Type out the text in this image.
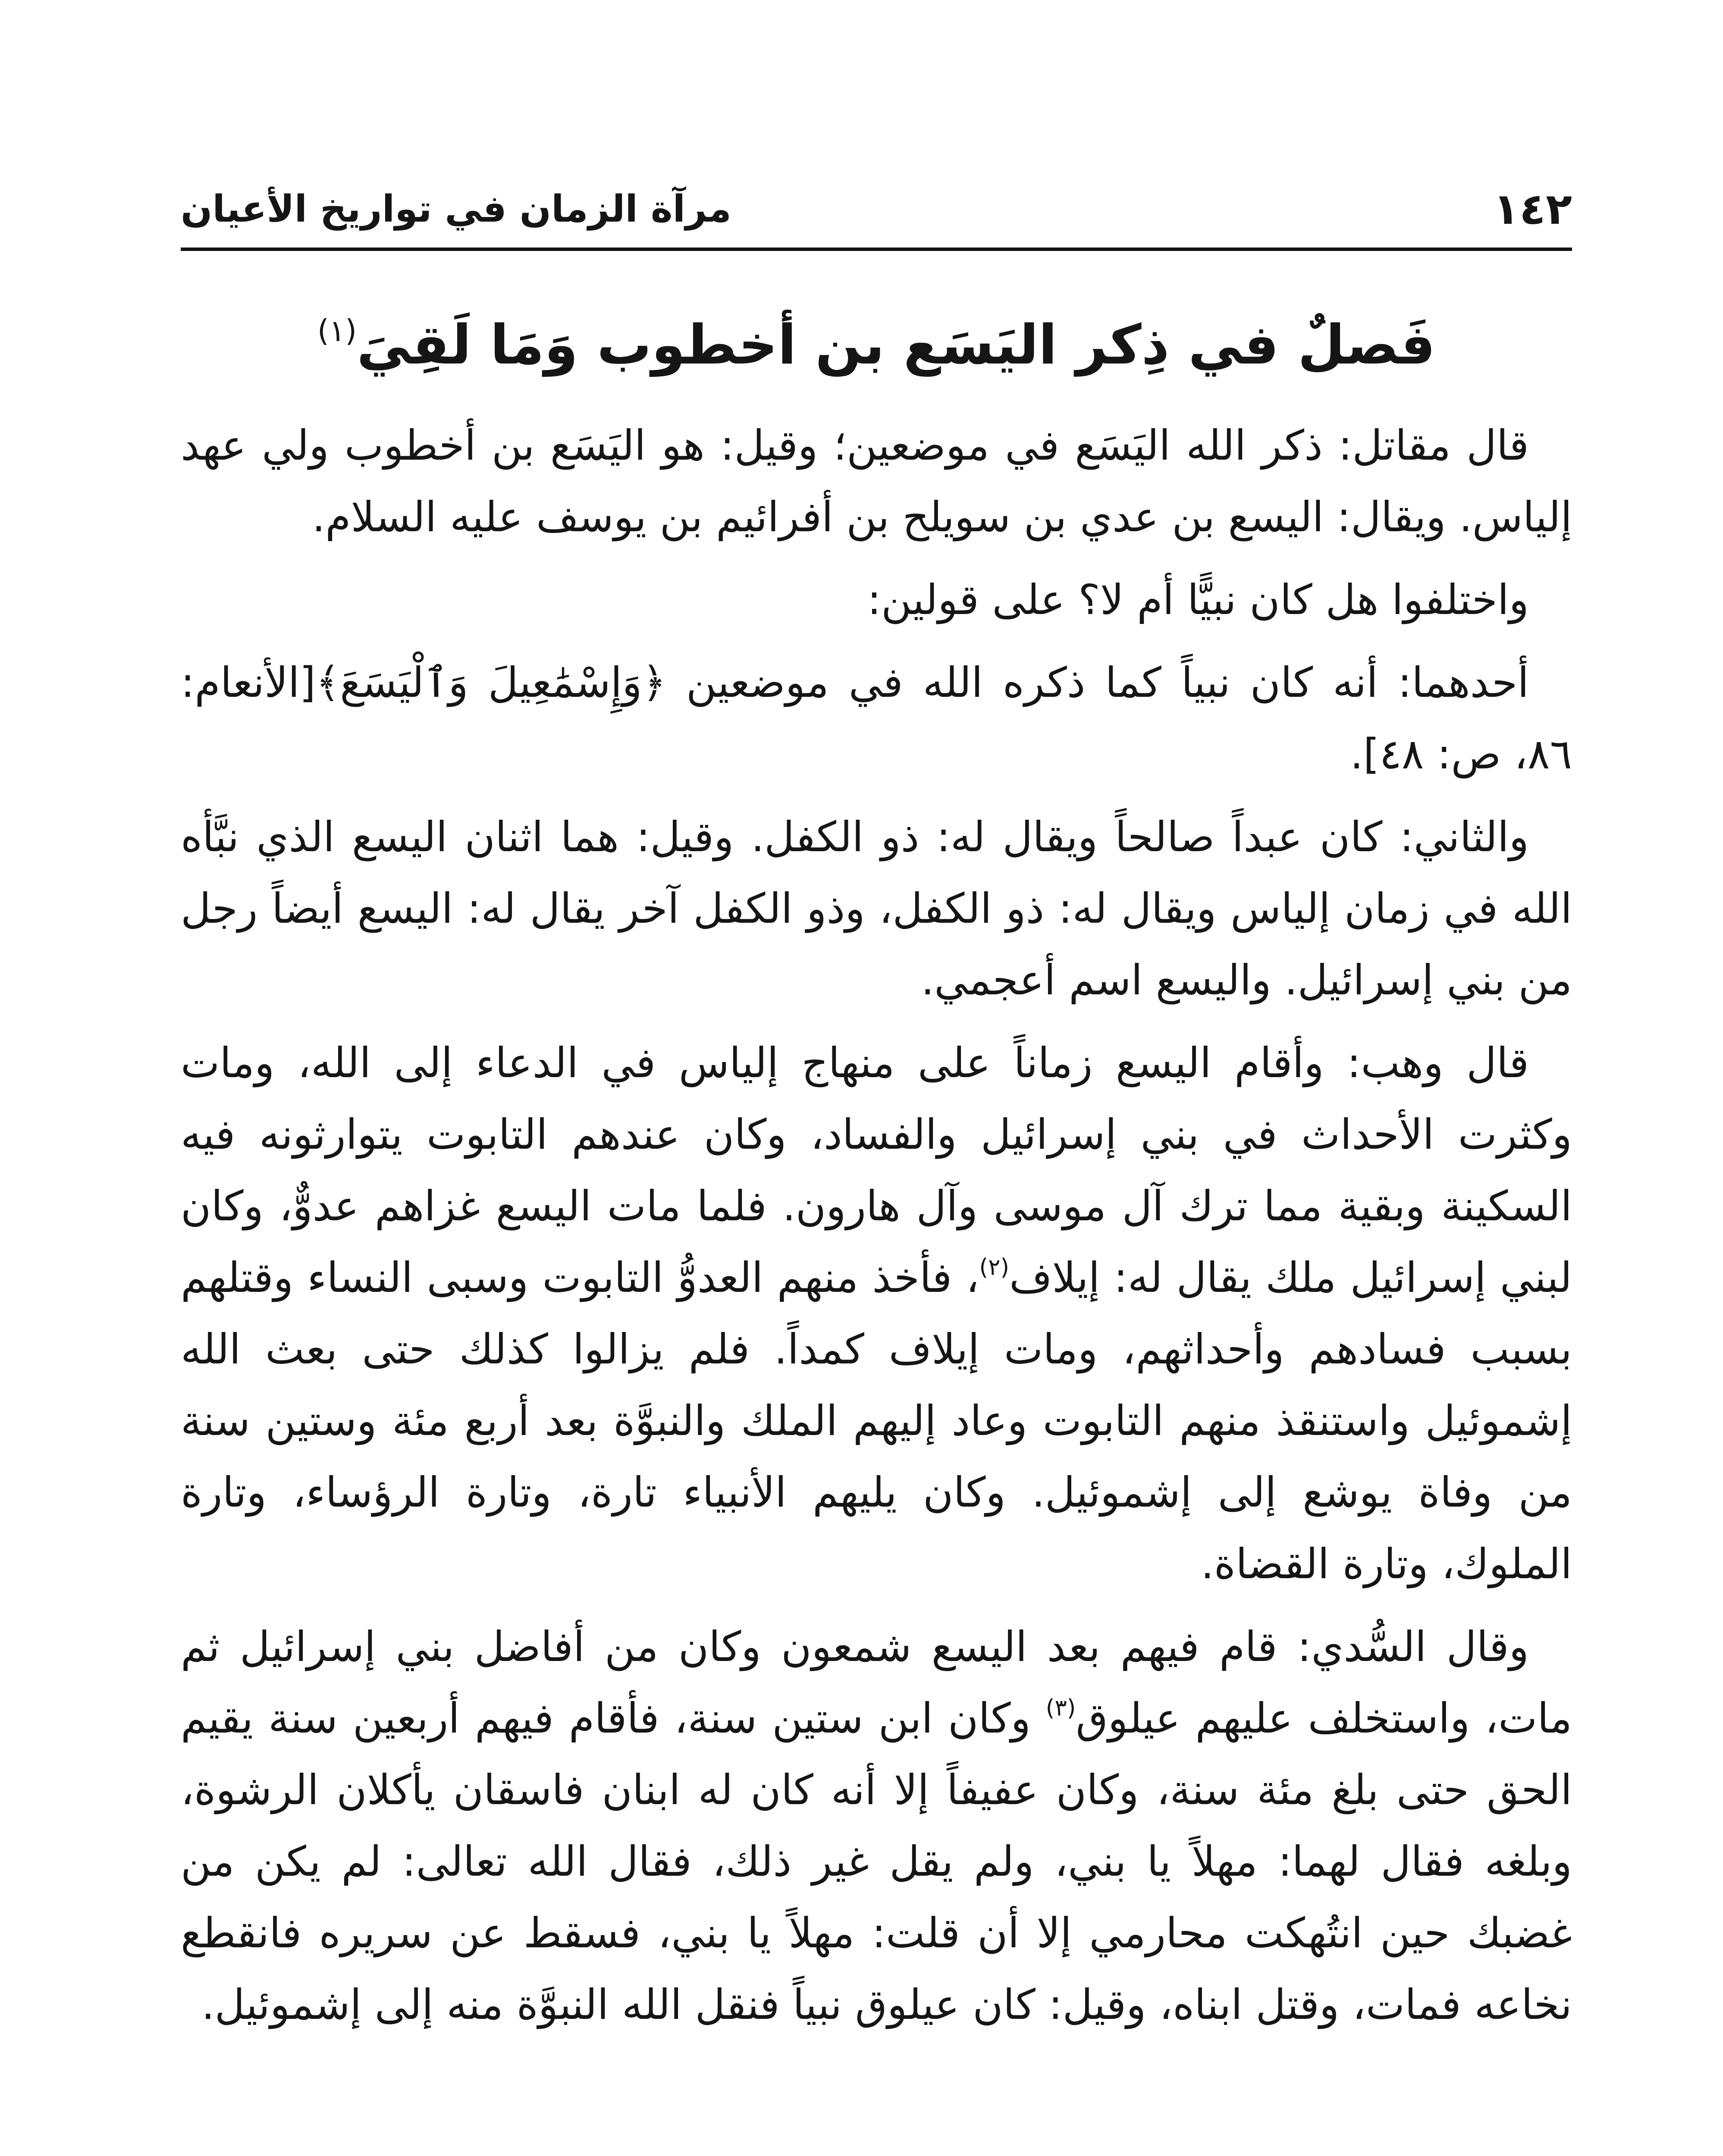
١٤٢
مرآة الزمان في تواريخ الأعيان
فَصلٌ في ذِكر اليَسَع بن أخطوب وَمَا لَقِيَ$^{(١)}$

قال مقاتل: ذكر الله اليَسَع في موضعين؛ وقيل: هو اليَسَع بن أخطوب ولي عهد إلياس. ويقال: اليسع بن عدي بن سويلح بن أفرائيم بن يوسف عليه السلام.

واختلفوا هل كان نبيًّا أم لا؟ على قولين:

أحدهما: أنه كان نبياً كما ذكره الله في موضعين ﴿وَإِسْمَٰعِيلَ وَٱلْيَسَعَ﴾[الأنعام: ٨٦، ص: ٤٨].

والثاني: كان عبداً صالحاً ويقال له: ذو الكفل. وقيل: هما اثنان اليسع الذي نبَّأه الله في زمان إلياس ويقال له: ذو الكفل، وذو الكفل آخر يقال له: اليسع أيضاً رجل من بني إسرائيل. واليسع اسم أعجمي.

قال وهب: وأقام اليسع زماناً على منهاج إلياس في الدعاء إلى الله، ومات وكثرت الأحداث في بني إسرائيل والفساد، وكان عندهم التابوت يتوارثونه فيه السكينة وبقية مما ترك آل موسى وآل هارون. فلما مات اليسع غزاهم عدوٌّ، وكان لبني إسرائيل ملك يقال له: إيلاف$^{(٢)}$، فأخذ منهم العدوُّ التابوت وسبى النساء وقتلهم بسبب فسادهم وأحداثهم، ومات إيلاف كمداً. فلم يزالوا كذلك حتى بعث الله إشموئيل واستنقذ منهم التابوت وعاد إليهم الملك والنبوَّة بعد أربع مئة وستين سنة من وفاة يوشع إلى إشموئيل. وكان يليهم الأنبياء تارة، وتارة الرؤساء، وتارة الملوك، وتارة القضاة.

وقال السُّدي: قام فيهم بعد اليسع شمعون وكان من أفاضل بني إسرائيل ثم مات، واستخلف عليهم عيلوق$^{(٣)}$ وكان ابن ستين سنة، فأقام فيهم أربعين سنة يقيم الحق حتى بلغ مئة سنة، وكان عفيفاً إلا أنه كان له ابنان فاسقان يأكلان الرشوة، وبلغه فقال لهما: مهلاً يا بني، ولم يقل غير ذلك، فقال الله تعالى: لم يكن من غضبك حين انتُهكت محارمي إلا أن قلت: مهلاً يا بني، فسقط عن سريره فانقطع نخاعه فمات، وقتل ابناه، وقيل: كان عيلوق نبياً فنقل الله النبوَّة منه إلى إشموئيل.
